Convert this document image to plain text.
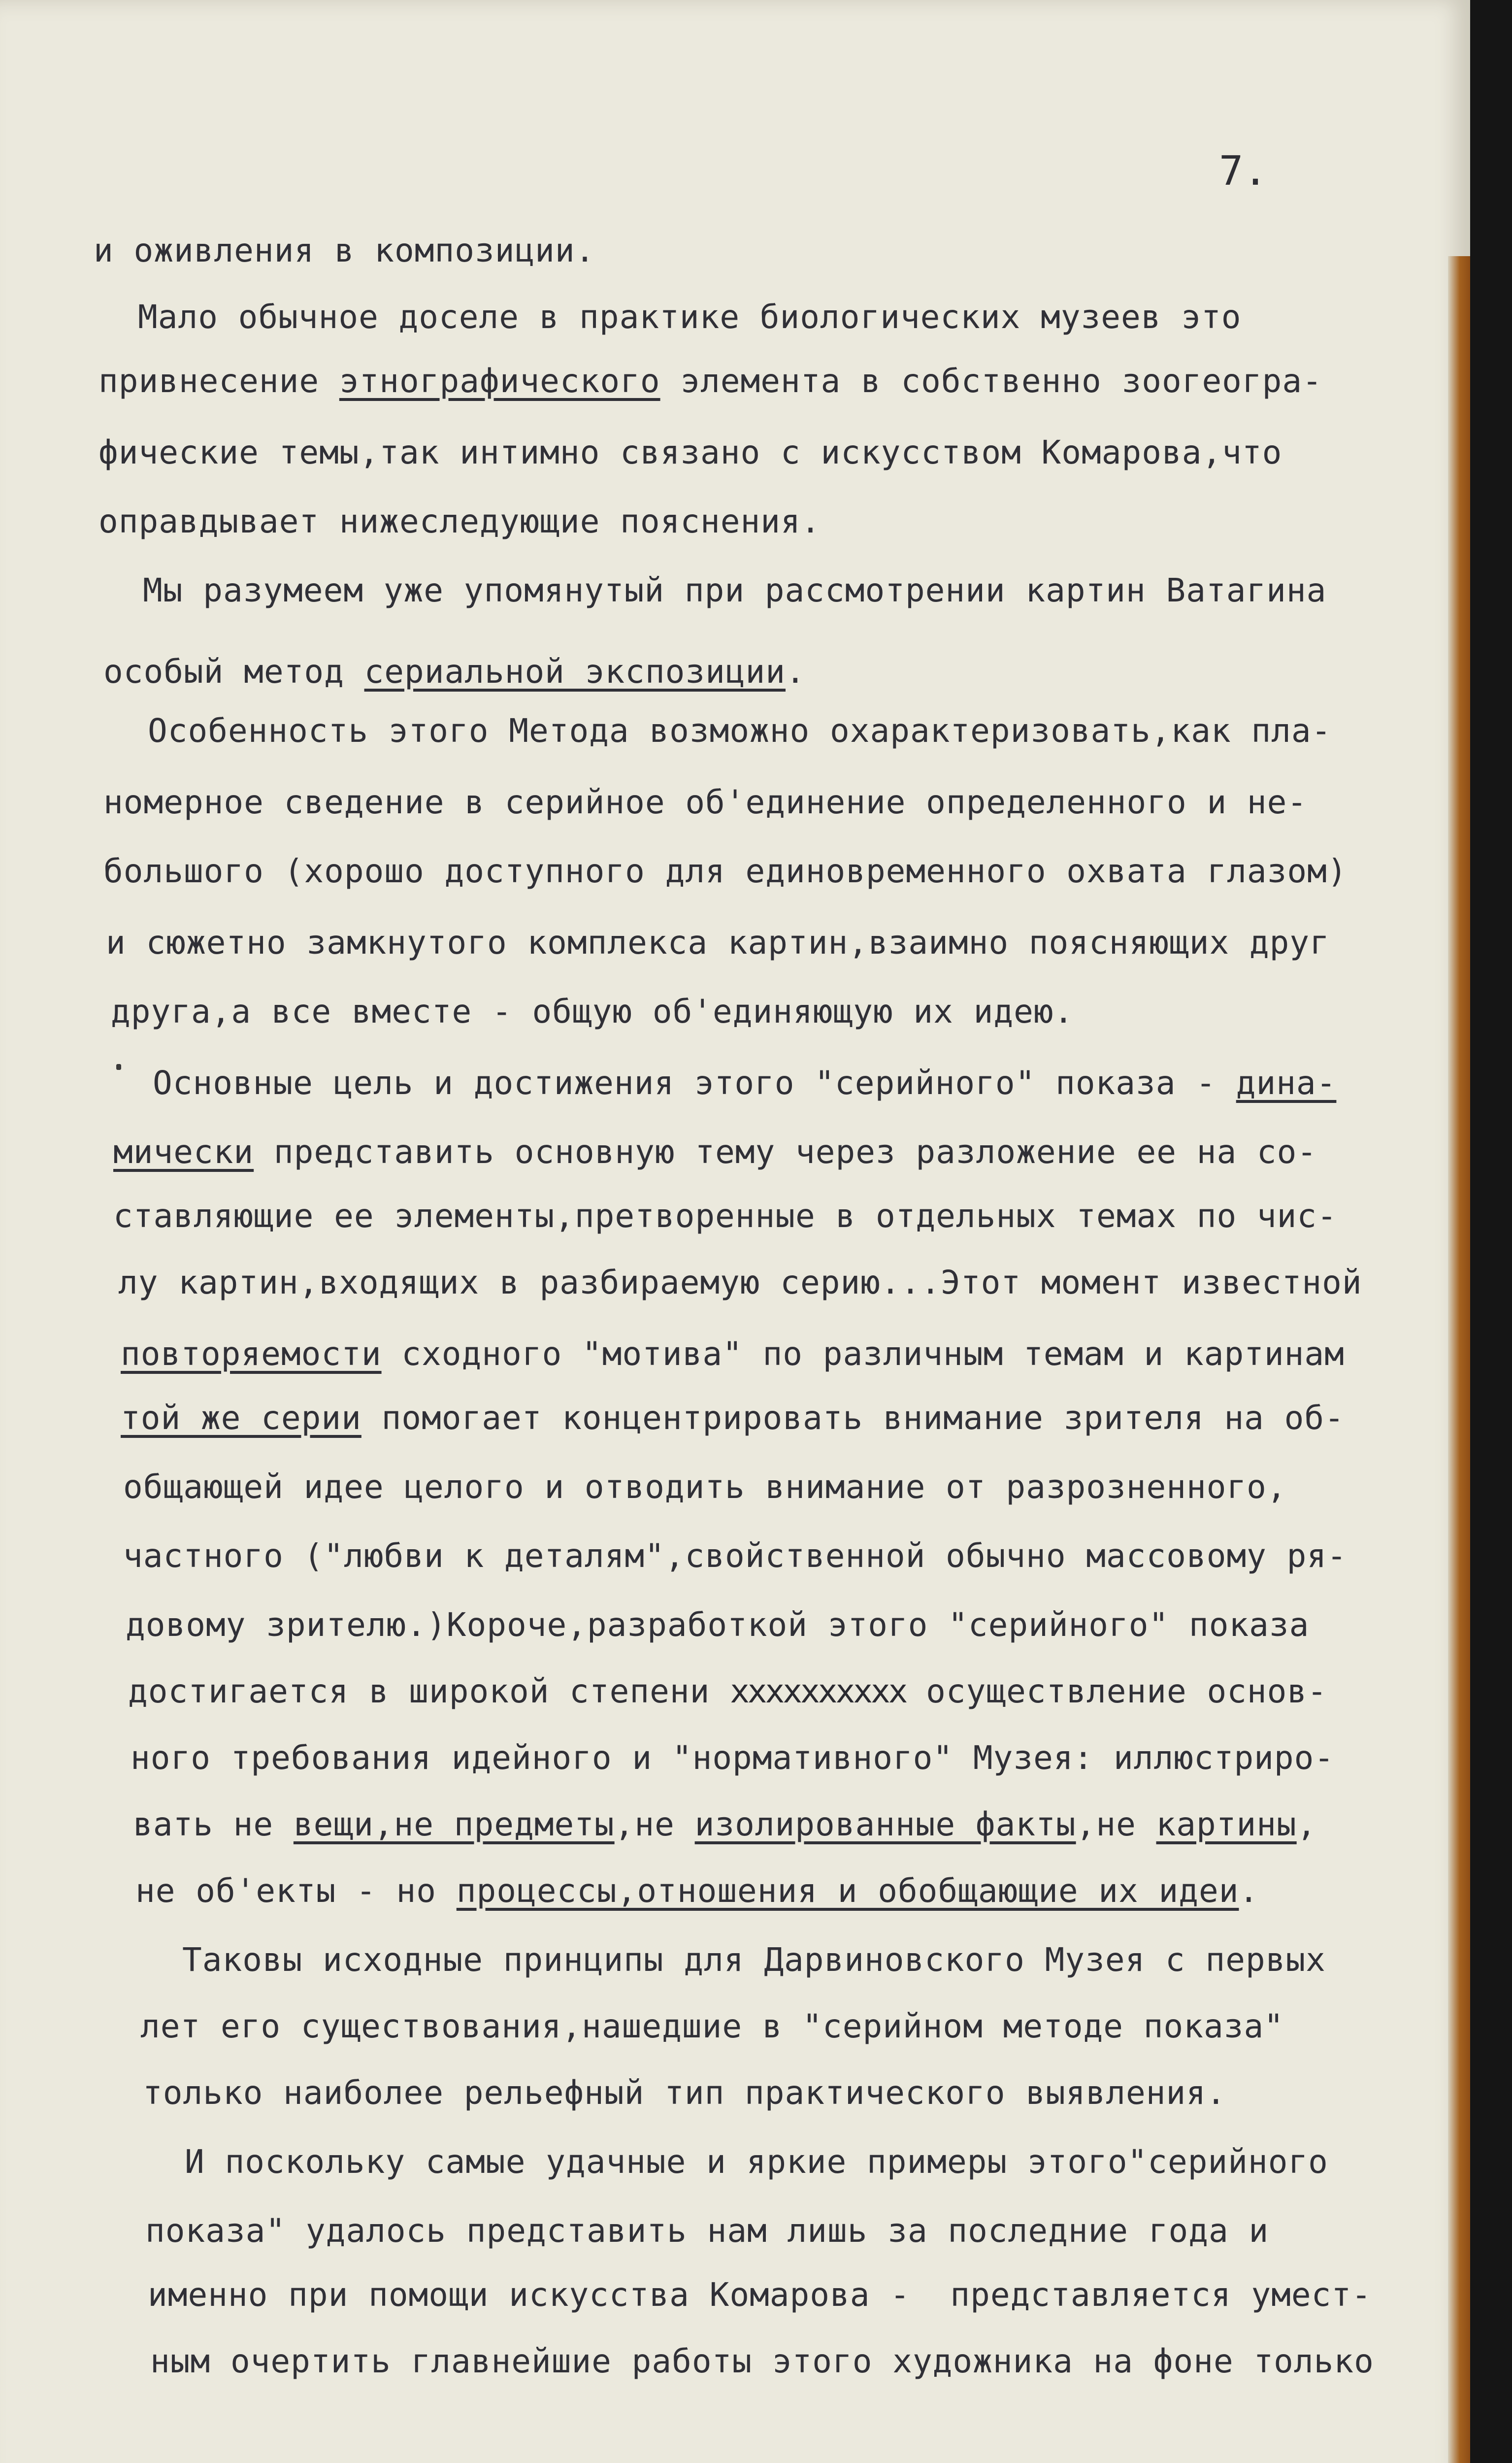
7.
и оживления в композиции.
Мало обычное доселе в практике биологических музеев это
привнесение этнографического элемента в собственно зоогеогра-
фические темы,так интимно связано с искусством Комарова,что
оправдывает нижеследующие пояснения.
Мы разумеем уже упомянутый при рассмотрении картин Ватагина
особый метод сериальной экспозиции.
Особенность этого Метода возможно охарактеризовать,как пла-
номерное сведение в серийное об'единение определенного и не-
большого (хорошо доступного для единовременного охвата глазом)
и сюжетно замкнутого комплекса картин,взаимно поясняющих друг
друга,а все вместе - общую об'единяющую их идею.
Основные цель и достижения этого "серийного" показа - дина-
мически представить основную тему через разложение ее на со-
ставляющие ее элементы,претворенные в отдельных темах по чис-
лу картин,входящих в разбираемую серию...Этот момент известной
повторяемости сходного "мотива" по различным темам и картинам
той же серии помогает концентрировать внимание зрителя на об-
общающей идее целого и отводить внимание от разрозненного,
частного ("любви к деталям",свойственной обычно массовому ря-
довому зрителю.)Короче,разработкой этого "серийного" показа
достигается в широкой степени xxxxxxxxxx осуществление основ-
ного требования идейного и "нормативного" Музея: иллюстриро-
вать не вещи,не предметы,не изолированные факты,не картины,
не об'екты - но процессы,отношения и обобщающие их идеи.
Таковы исходные принципы для Дарвиновского Музея с первых
лет его существования,нашедшие в "серийном методе показа"
только наиболее рельефный тип практического выявления.
И поскольку самые удачные и яркие примеры этого"серийного
показа" удалось представить нам лишь за последние года и
именно при помощи искусства Комарова -  представляется умест-
ным очертить главнейшие работы этого художника на фоне только
